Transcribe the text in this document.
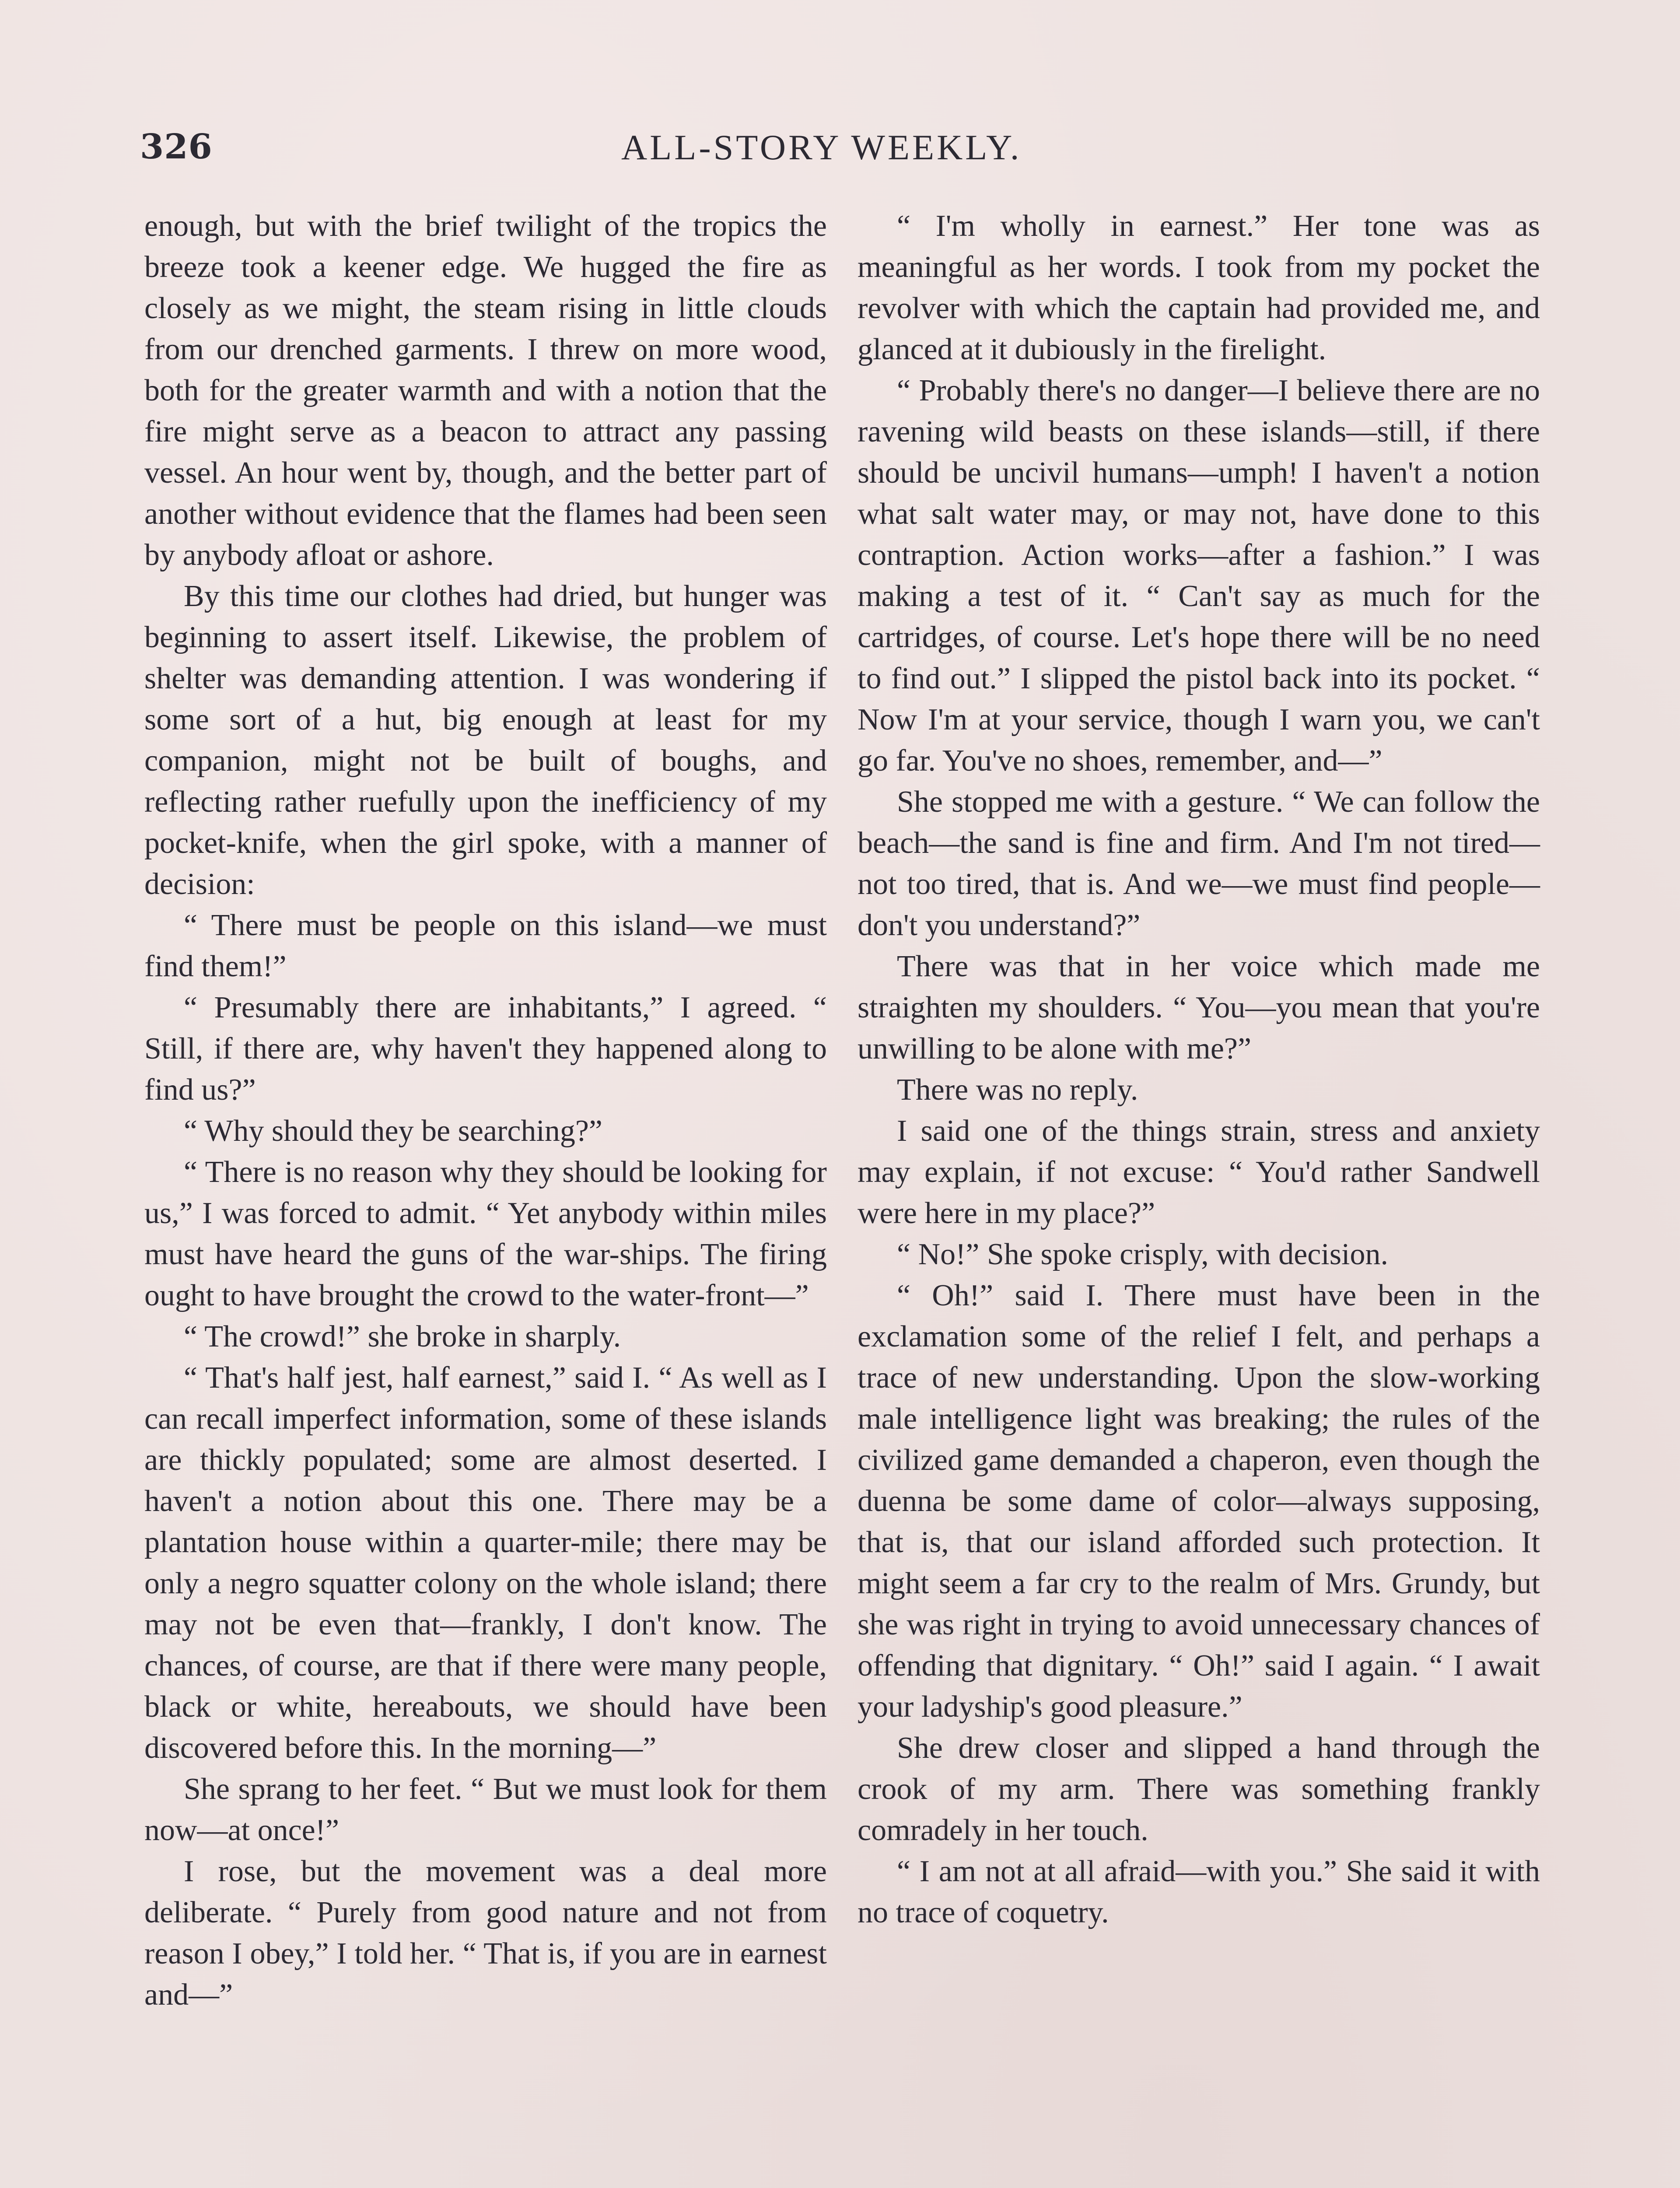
326	ALL-STORY WEEKLY.

enough, but with the brief twilight of the tropics the breeze took a keener edge. We hugged the fire as closely as we might, the steam rising in little clouds from our drenched garments. I threw on more wood, both for the greater warmth and with a notion that the fire might serve as a beacon to attract any passing vessel. An hour went by, though, and the better part of another without evidence that the flames had been seen by anybody afloat or ashore.

By this time our clothes had dried, but hunger was beginning to assert itself. Likewise, the problem of shelter was demanding attention. I was wondering if some sort of a hut, big enough at least for my companion, might not be built of boughs, and reflecting rather ruefully upon the inefficiency of my pocket-knife, when the girl spoke, with a manner of decision:

“ There must be people on this island—we must find them!”

“ Presumably there are inhabitants,” I agreed. “ Still, if there are, why haven't they happened along to find us?”

“ Why should they be searching?”

“ There is no reason why they should be looking for us,” I was forced to admit. “ Yet anybody within miles must have heard the guns of the war-ships. The firing ought to have brought the crowd to the water-front—”

“ The crowd!” she broke in sharply.

“ That's half jest, half earnest,” said I. “ As well as I can recall imperfect information, some of these islands are thickly populated; some are almost deserted. I haven't a notion about this one. There may be a plantation house within a quarter-mile; there may be only a negro squatter colony on the whole island; there may not be even that—frankly, I don't know. The chances, of course, are that if there were many people, black or white, hereabouts, we should have been discovered before this. In the morning—”

She sprang to her feet. “ But we must look for them now—at once!”

I rose, but the movement was a deal more deliberate. “ Purely from good nature and not from reason I obey,” I told her. “ That is, if you are in earnest and—”

“ I'm wholly in earnest.” Her tone was as meaningful as her words. I took from my pocket the revolver with which the captain had provided me, and glanced at it dubiously in the firelight.

“ Probably there's no danger—I believe there are no ravening wild beasts on these islands—still, if there should be uncivil humans—umph! I haven't a notion what salt water may, or may not, have done to this contraption. Action works—after a fashion.” I was making a test of it. “ Can't say as much for the cartridges, of course. Let's hope there will be no need to find out.” I slipped the pistol back into its pocket. “ Now I'm at your service, though I warn you, we can't go far. You've no shoes, remember, and—”

She stopped me with a gesture. “ We can follow the beach—the sand is fine and firm. And I'm not tired—not too tired, that is. And we—we must find people—don't you understand?”

There was that in her voice which made me straighten my shoulders. “ You—you mean that you're unwilling to be alone with me?”

There was no reply.

I said one of the things strain, stress and anxiety may explain, if not excuse: “ You'd rather Sandwell were here in my place?”

“ No!” She spoke crisply, with decision.

“ Oh!” said I. There must have been in the exclamation some of the relief I felt, and perhaps a trace of new understanding. Upon the slow-working male intelligence light was breaking; the rules of the civilized game demanded a chaperon, even though the duenna be some dame of color—always supposing, that is, that our island afforded such protection. It might seem a far cry to the realm of Mrs. Grundy, but she was right in trying to avoid unnecessary chances of offending that dignitary. “ Oh!” said I again. “ I await your ladyship's good pleasure.”

She drew closer and slipped a hand through the crook of my arm. There was something frankly comradely in her touch.

“ I am not at all afraid—with you.” She said it with no trace of coquetry.
